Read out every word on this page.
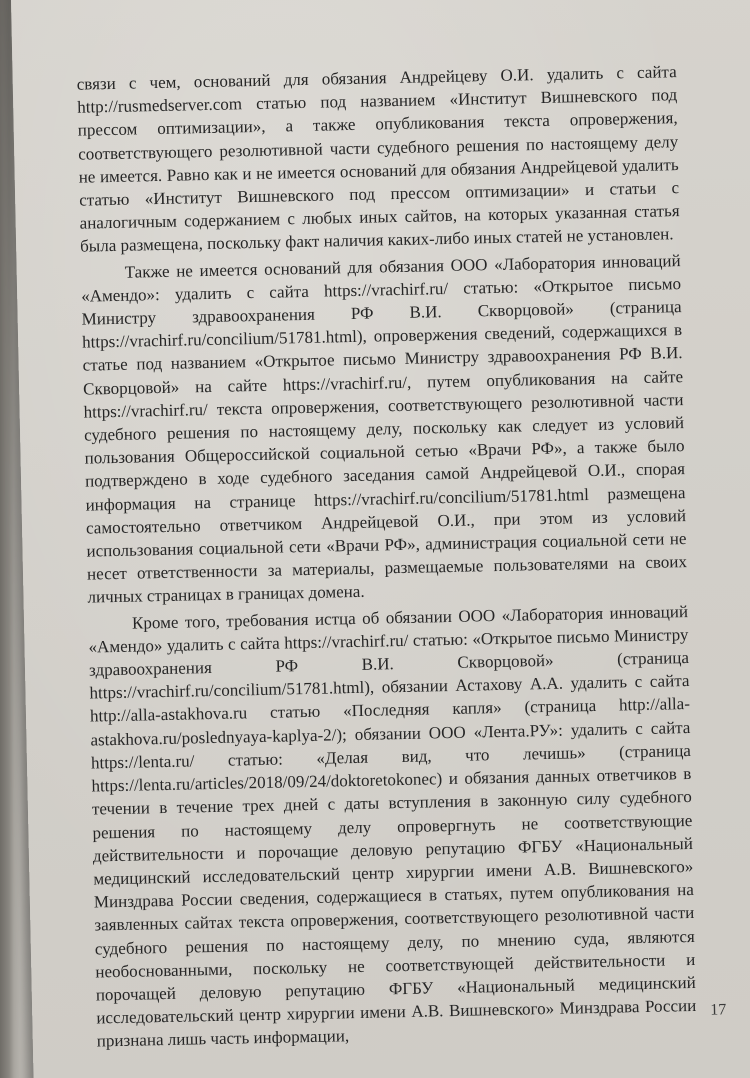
связи с чем, оснований для обязания Андрейцеву О.И. удалить с сайта http://rusmedserver.com статью под названием «Институт Вишневского под прессом оптимизации», а также опубликования текста опровержения, соответствующего резолютивной части судебного решения по настоящему делу не имеется. Равно как и не имеется оснований для обязания Андрейцевой удалить статью «Институт Вишневского под прессом оптимизации» и статьи с аналогичным содержанием с любых иных сайтов, на которых указанная статья была размещена, поскольку факт наличия каких-либо иных статей не установлен.

Также не имеется оснований для обязания ООО «Лаборатория инноваций «Амендо»: удалить с сайта https://vrachirf.ru/ статью: «Открытое письмо Министру здравоохранения РФ В.И. Скворцовой» (страница https://vrachirf.ru/concilium/51781.html), опровержения сведений, содержащихся в статье под названием «Открытое письмо Министру здравоохранения РФ В.И. Скворцовой» на сайте https://vrachirf.ru/, путем опубликования на сайте https://vrachirf.ru/ текста опровержения, соответствующего резолютивной части судебного решения по настоящему делу, поскольку как следует из условий пользования Общероссийской социальной сетью «Врачи РФ», а также было подтверждено в ходе судебного заседания самой Андрейцевой О.И., спорая информация на странице https://vrachirf.ru/concilium/51781.html размещена самостоятельно ответчиком Андрейцевой О.И., при этом из условий использования социальной сети «Врачи РФ», администрация социальной сети не несет ответственности за материалы, размещаемые пользователями на своих личных страницах в границах домена.

Кроме того, требования истца об обязании ООО «Лаборатория инноваций «Амендо» удалить с сайта https://vrachirf.ru/ статью: «Открытое письмо Министру здравоохранения РФ В.И. Скворцовой» (страница https://vrachirf.ru/concilium/51781.html), обязании Астахову А.А. удалить с сайта http://alla-astakhova.ru статью «Последняя капля» (страница http://alla-astakhova.ru/poslednyaya-kaplya-2/); обязании ООО «Лента.РУ»: удалить с сайта https://lenta.ru/ статью: «Делая вид, что лечишь» (страница https://lenta.ru/articles/2018/09/24/doktoretokonec) и обязания данных ответчиков в течении в течение трех дней с даты вступления в законную силу судебного решения по настоящему делу опровергнуть не соответствующие действительности и порочащие деловую репутацию ФГБУ «Национальный медицинский исследовательский центр хирургии имени А.В. Вишневского» Минздрава России сведения, содержащиеся в статьях, путем опубликования на заявленных сайтах текста опровержения, соответствующего резолютивной части судебного решения по настоящему делу, по мнению суда, являются необоснованными, поскольку не соответствующей действительности и порочащей деловую репутацию ФГБУ «Национальный медицинский исследовательский центр хирургии имени А.В. Вишневского» Минздрава России признана лишь часть информации,

17
